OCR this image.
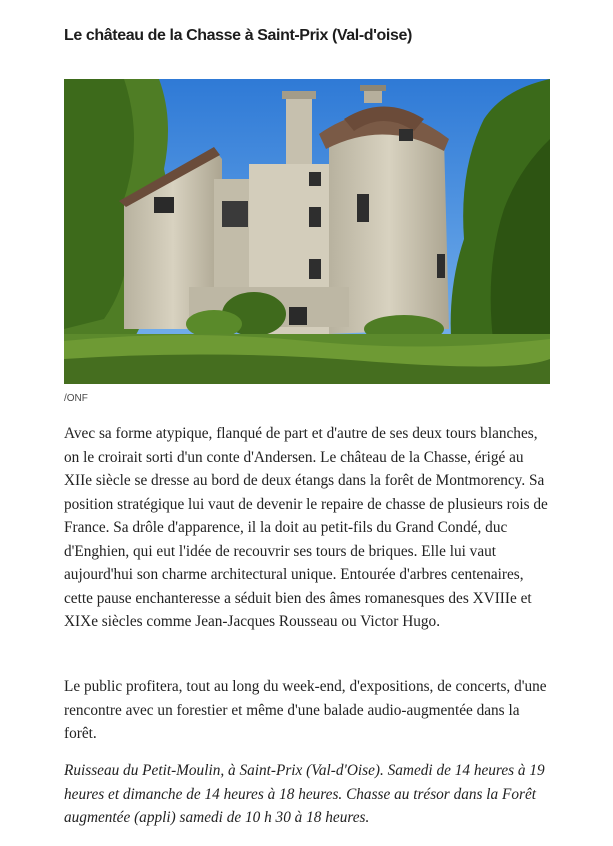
Le château de la Chasse à Saint-Prix (Val-d'oise)
/ONF

Avec sa forme atypique, flanqué de part et d'autre de ses deux tours blanches, on le croirait sorti d'un conte d'Andersen. Le château de la Chasse, érigé au XIIe siècle se dresse au bord de deux étangs dans la forêt de Montmorency. Sa position stratégique lui vaut de devenir le repaire de chasse de plusieurs rois de France. Sa drôle d'apparence, il la doit au petit-fils du Grand Condé, duc d'Enghien, qui eut l'idée de recouvrir ses tours de briques. Elle lui vaut aujourd'hui son charme architectural unique. Entourée d'arbres centenaires, cette pause enchanteresse a séduit bien des âmes romanesques des XVIIIe et XIXe siècles comme Jean-Jacques Rousseau ou Victor Hugo.

Le public profitera, tout au long du week-end, d'expositions, de concerts, d'une rencontre avec un forestier et même d'une balade audio-augmentée dans la forêt.

Ruisseau du Petit-Moulin, à Saint-Prix (Val-d'Oise). Samedi de 14 heures à 19 heures et dimanche de 14 heures à 18 heures. Chasse au trésor dans la Forêt augmentée (appli) samedi de 10 h 30 à 18 heures.
